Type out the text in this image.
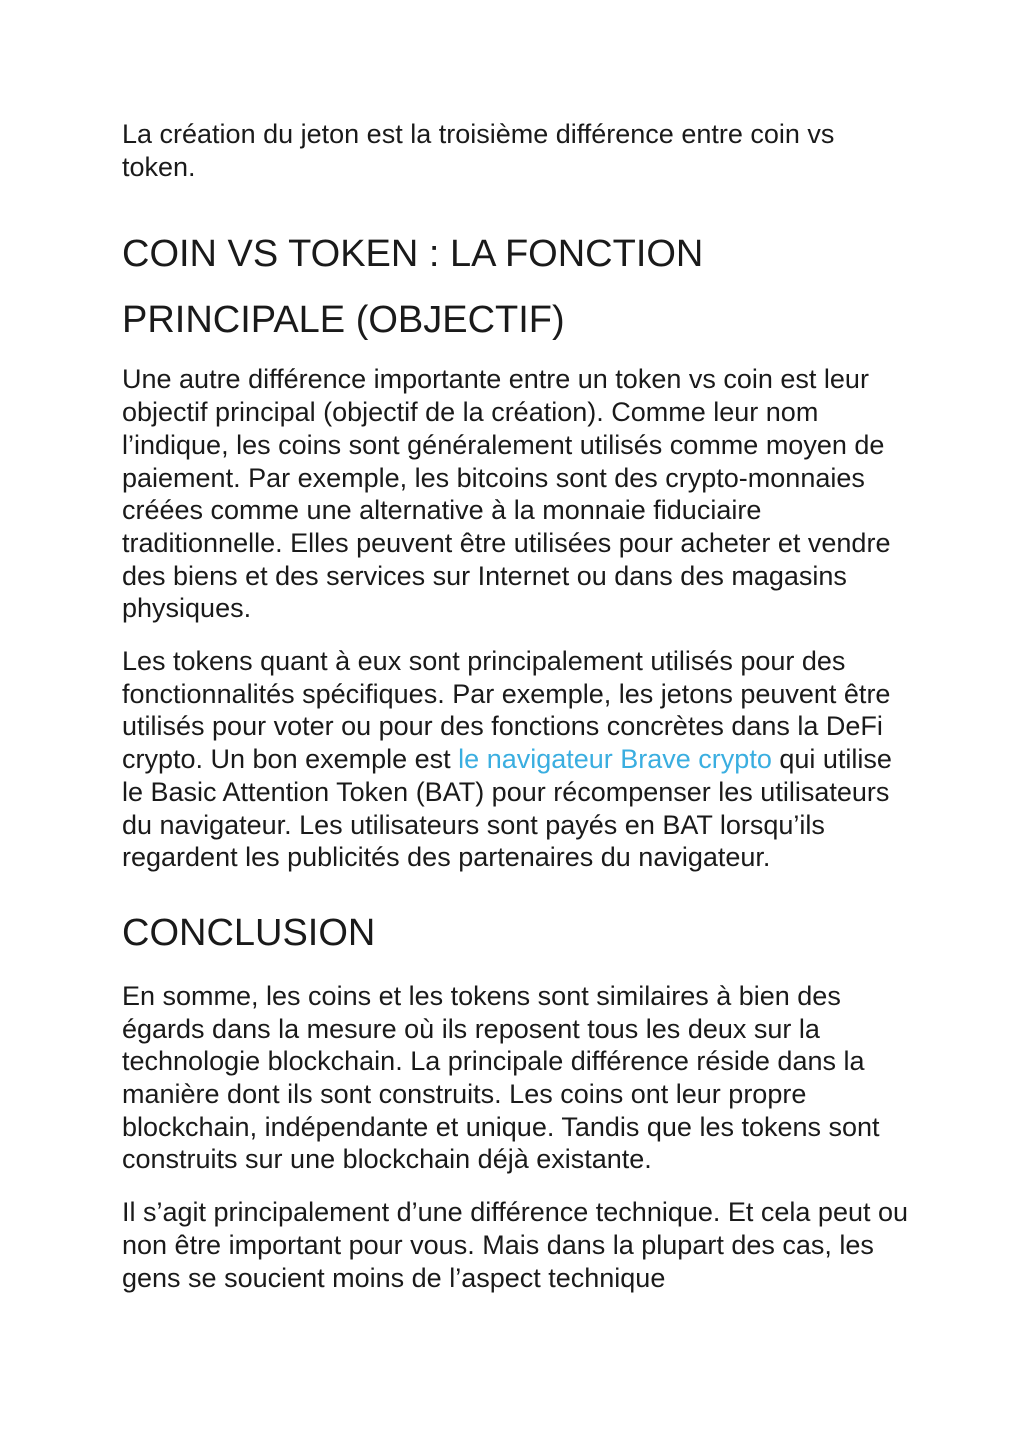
La création du jeton est la troisième différence entre coin vs token.

COIN VS TOKEN : LA FONCTION PRINCIPALE (OBJECTIF)

Une autre différence importante entre un token vs coin est leur objectif principal (objectif de la création). Comme leur nom l’indique, les coins sont généralement utilisés comme moyen de paiement. Par exemple, les bitcoins sont des crypto-monnaies créées comme une alternative à la monnaie fiduciaire traditionnelle. Elles peuvent être utilisées pour acheter et vendre des biens et des services sur Internet ou dans des magasins physiques.

Les tokens quant à eux sont principalement utilisés pour des fonctionnalités spécifiques. Par exemple, les jetons peuvent être utilisés pour voter ou pour des fonctions concrètes dans la DeFi crypto. Un bon exemple est le navigateur Brave crypto qui utilise le Basic Attention Token (BAT) pour récompenser les utilisateurs du navigateur. Les utilisateurs sont payés en BAT lorsqu’ils regardent les publicités des partenaires du navigateur.

CONCLUSION

En somme, les coins et les tokens sont similaires à bien des égards dans la mesure où ils reposent tous les deux sur la technologie blockchain. La principale différence réside dans la manière dont ils sont construits. Les coins ont leur propre blockchain, indépendante et unique. Tandis que les tokens sont construits sur une blockchain déjà existante.

Il s’agit principalement d’une différence technique. Et cela peut ou non être important pour vous. Mais dans la plupart des cas, les gens se soucient moins de l’aspect technique
